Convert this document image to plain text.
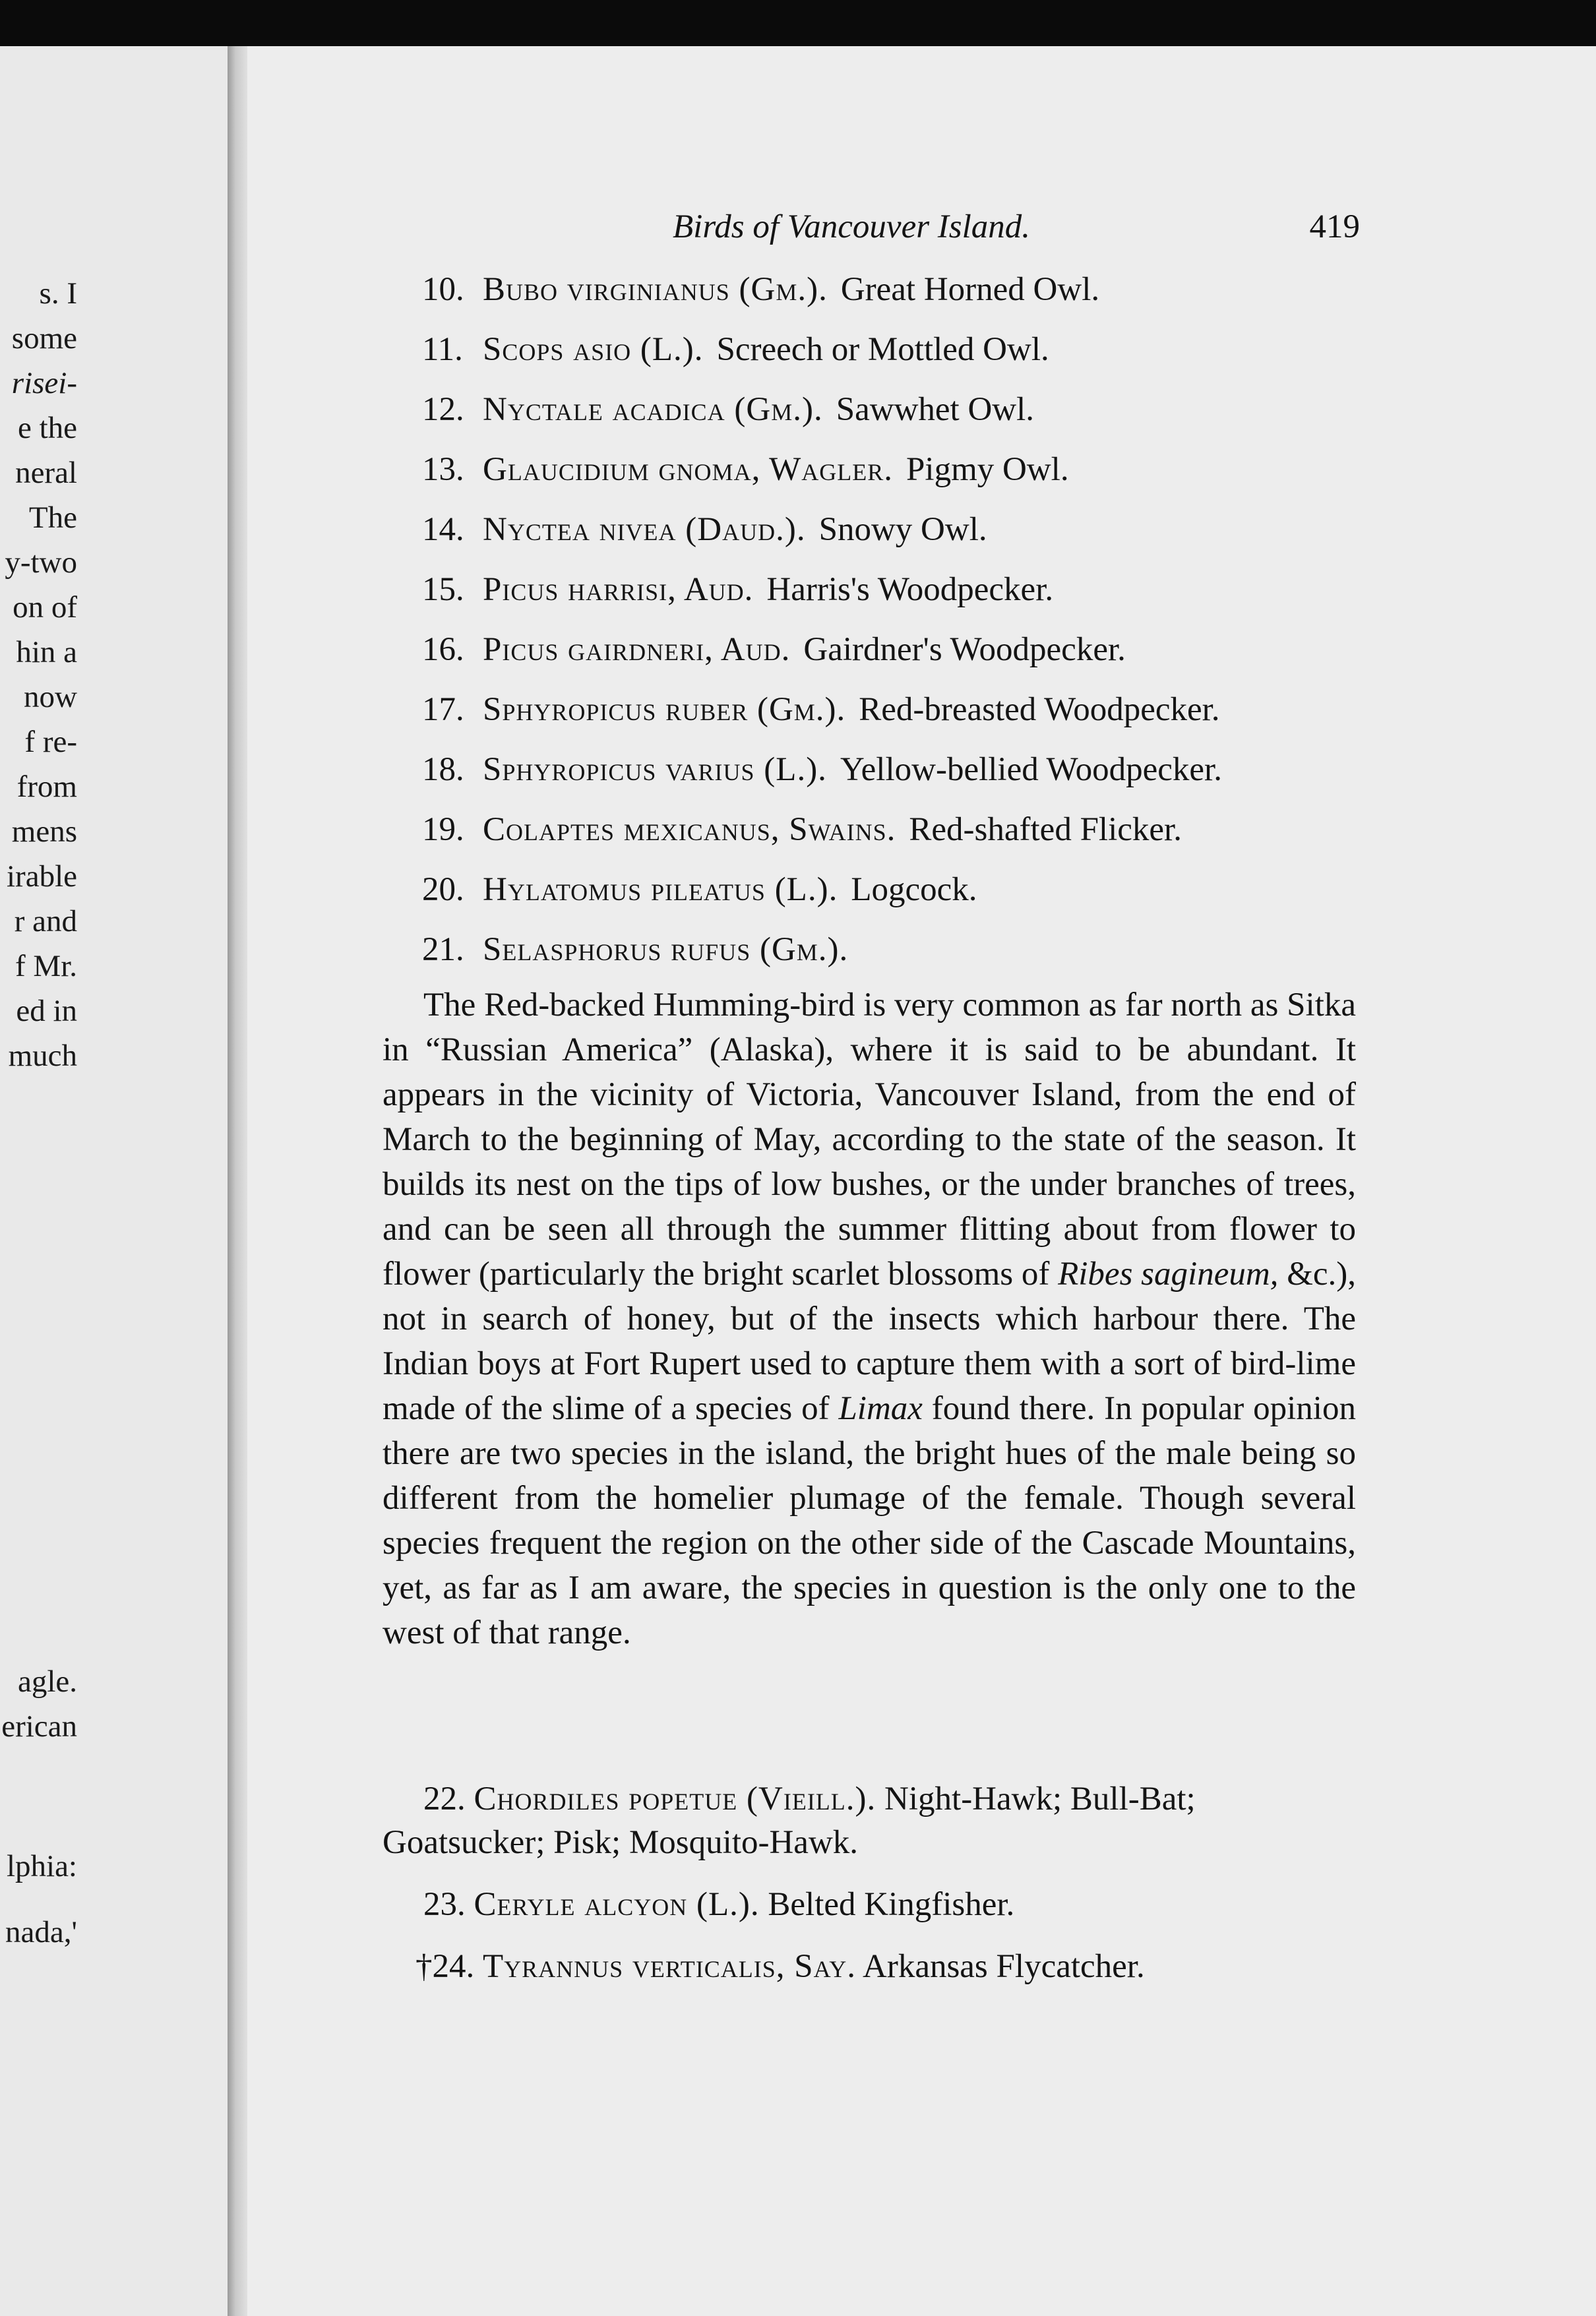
s. I
some
risei-
e the
neral
The
y-two
on of
hin a
now
f re-
from
mens
irable
r and
f Mr.
ed in
much
agle.
erican
lphia:
nada,'
Birds of Vancouver Island.	419
10. Bubo virginianus (Gm.). Great Horned Owl.
11. Scops asio (L.). Screech or Mottled Owl.
12. Nyctale acadica (Gm.). Sawwhet Owl.
13. Glaucidium gnoma, Wagler. Pigmy Owl.
14. Nyctea nivea (Daud.). Snowy Owl.
15. Picus harrisi, Aud. Harris's Woodpecker.
16. Picus gairdneri, Aud. Gairdner's Woodpecker.
17. Sphyropicus ruber (Gm.). Red-breasted Woodpecker.
18. Sphyropicus varius (L.). Yellow-bellied Woodpecker.
19. Colaptes mexicanus, Swains. Red-shafted Flicker.
20. Hylatomus pileatus (L.). Logcock.
21. Selasphorus rufus (Gm.).
The Red-backed Humming-bird is very common as far north as Sitka in “Russian America” (Alaska), where it is said to be abundant. It appears in the vicinity of Victoria, Vancouver Island, from the end of March to the beginning of May, according to the state of the season. It builds its nest on the tips of low bushes, or the under branches of trees, and can be seen all through the summer flitting about from flower to flower (particularly the bright scarlet blossoms of Ribes sagineum, &c.), not in search of honey, but of the insects which harbour there. The Indian boys at Fort Rupert used to capture them with a sort of bird-lime made of the slime of a species of Limax found there. In popular opinion there are two species in the island, the bright hues of the male being so different from the homelier plumage of the female. Though several species frequent the region on the other side of the Cascade Mountains, yet, as far as I am aware, the species in question is the only one to the west of that range.
22. Chordiles popetue (Vieill.). Night-Hawk; Bull-Bat; Goatsucker; Pisk; Mosquito-Hawk.
23. Ceryle alcyon (L.). Belted Kingfisher.
†24. Tyrannus verticalis, Say. Arkansas Flycatcher.
